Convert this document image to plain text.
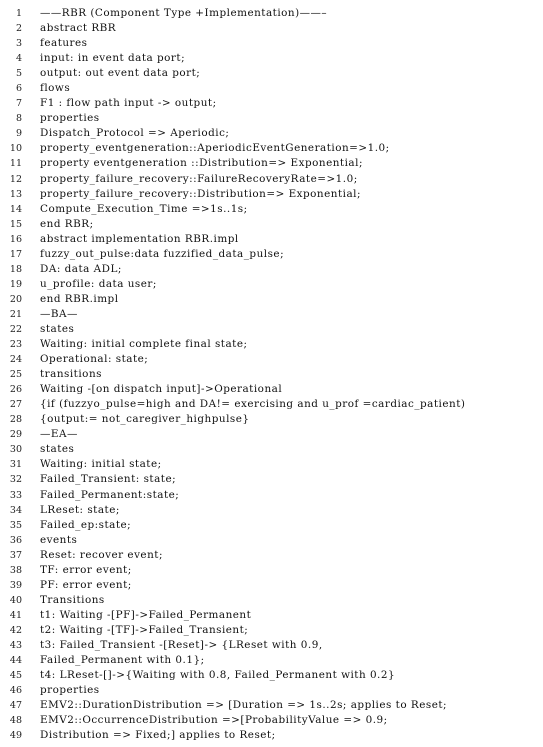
1 ——RBR (Component Type +Implementation)——–
2 abstract RBR
3 features
4 input: in event data port;
5 output: out event data port;
6 flows
7 F1 : flow path input -> output;
8 properties
9 Dispatch_Protocol => Aperiodic;
10 property_eventgeneration::AperiodicEventGeneration=>1.0;
11 property eventgeneration ::Distribution=> Exponential;
12 property_failure_recovery::FailureRecoveryRate=>1.0;
13 property_failure_recovery::Distribution=> Exponential;
14 Compute_Execution_Time =>1s..1s;
15 end RBR;
16 abstract implementation RBR.impl
17 fuzzy_out_pulse:data fuzzified_data_pulse;
18 DA: data ADL;
19 u_profile: data user;
20 end RBR.impl
21 —BA—
22 states
23 Waiting: initial complete final state;
24 Operational: state;
25 transitions
26 Waiting -[on dispatch input]->Operational
27 {if (fuzzyo_pulse=high and DA!= exercising and u_prof =cardiac_patient)
28 {output:= not_caregiver_highpulse}
29 —EA—
30 states
31 Waiting: initial state;
32 Failed_Transient: state;
33 Failed_Permanent:state;
34 LReset: state;
35 Failed_ep:state;
36 events
37 Reset: recover event;
38 TF: error event;
39 PF: error event;
40 Transitions
41 t1: Waiting -[PF]->Failed_Permanent
42 t2: Waiting -[TF]->Failed_Transient;
43 t3: Failed_Transient -[Reset]-> {LReset with 0.9,
44 Failed_Permanent with 0.1};
45 t4: LReset-[]->{Waiting with 0.8, Failed_Permanent with 0.2}
46 properties
47 EMV2::DurationDistribution => [Duration => 1s..2s; applies to Reset;
48 EMV2::OccurrenceDistribution =>[ProbabilityValue => 0.9;
49 Distribution => Fixed;] applies to Reset;
